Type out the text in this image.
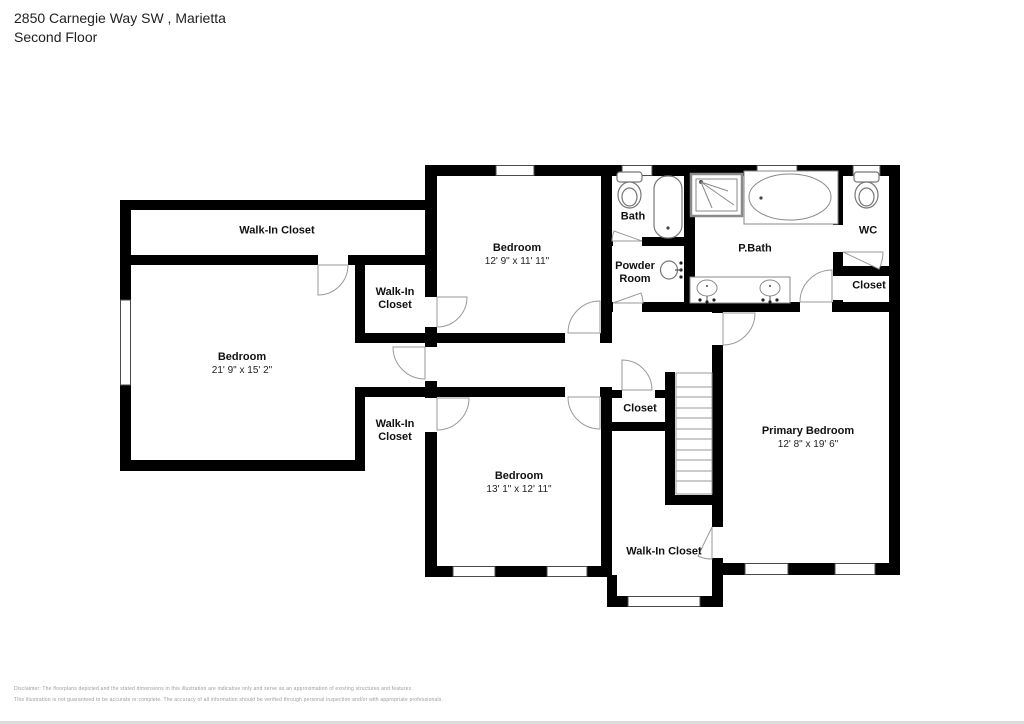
2850 Carnegie Way SW , Marietta
Second Floor
Walk-In Closet
Bedroom
12' 9" x 11' 11"
Bath
Powder Room
P.Bath
WC
Closet
Bedroom
21' 9" x 15' 2"
Walk-In Closet
Walk-In Closet
Bedroom
13' 1" x 12' 11"
Closet
Primary Bedroom
12' 8" x 19' 6"
Walk-In Closet
Disclaimer: The floorplans depicted and the stated dimensions in this illustration are indicative only and serve as an approximation of existing structures and features.
This illustration is not guaranteed to be accurate or complete. The accuracy of all information should be verified through personal inspection and/or with appropriate professionals.
